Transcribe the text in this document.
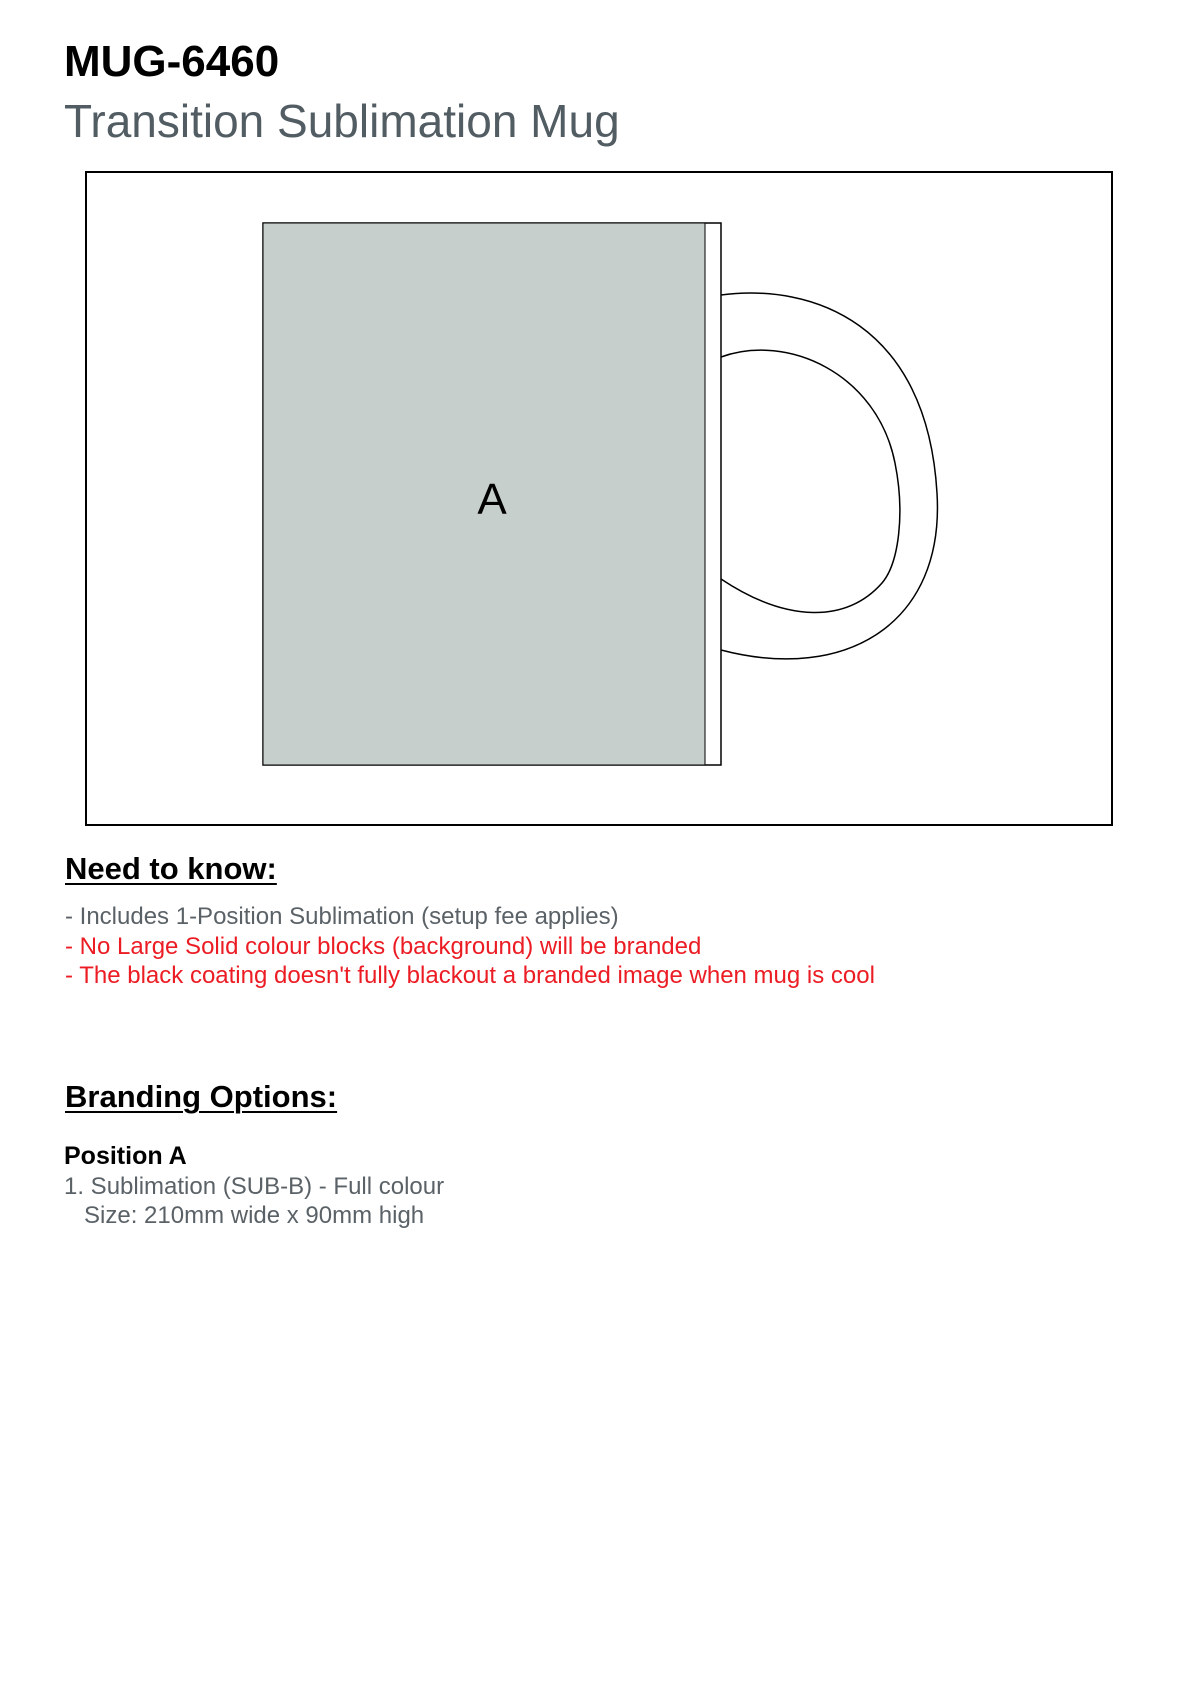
MUG-6460
Transition Sublimation Mug
A
Need to know:
- Includes 1-Position Sublimation (setup fee applies)
- No Large Solid colour blocks (background) will be branded
- The black coating doesn't fully blackout a branded image when mug is cool
Branding Options:
Position A

1. Sublimation (SUB-B) - Full colour

Size: 210mm wide x 90mm high
